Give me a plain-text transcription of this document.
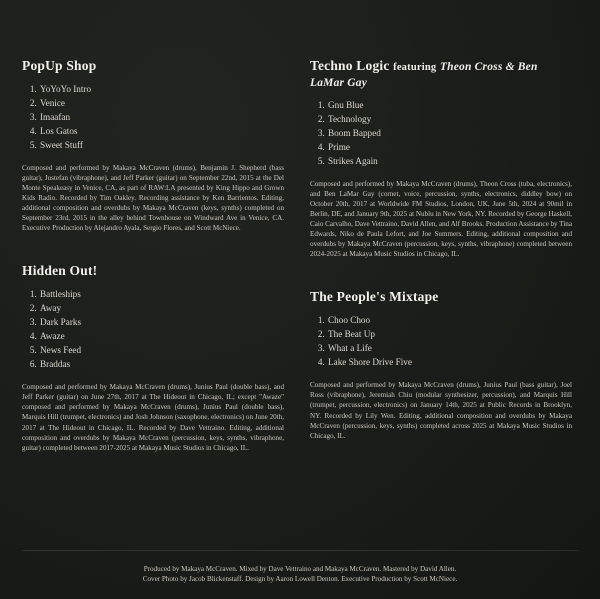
PopUp Shop
1. YoYoYo Intro
2. Venice
3. Imaafan
4. Los Gatos
5. Sweet Stuff

Composed and performed by Makaya McCraven (drums), Benjamin J. Shepherd (bass guitar), Justefan (vibraphone), and Jeff Parker (guitar) on September 22nd, 2015 at the Del Monte Speakeasy in Venice, CA, as part of RAW:LA presented by King Hippo and Grown Kids Radio. Recorded by Tim Oakley. Recording assistance by Ken Barrientos. Editing, additional composition and overdubs by Makaya McCraven (keys, synths) completed on September 23rd, 2015 in the alley behind Townhouse on Windward Ave in Venice, CA. Executive Production by Alejandro Ayala, Sergio Flores, and Scott McNiece.

Hidden Out!
1. Battleships
2. Away
3. Dark Parks
4. Awaze
5. News Feed
6. Braddas

Composed and performed by Makaya McCraven (drums), Junius Paul (double bass), and Jeff Parker (guitar) on June 27th, 2017 at The Hideout in Chicago, IL; except "Awaze" composed and performed by Makaya McCraven (drums), Junius Paul (double bass), Marquis Hill (trumpet, electronics) and Josh Johnson (saxophone, electronics) on June 20th, 2017 at The Hideout in Chicago, IL. Recorded by Dave Vettraino. Editing, additional composition and overdubs by Makaya McCraven (percussion, keys, synths, vibraphone, guitar) completed between 2017-2025 at Makaya Music Studios in Chicago, IL.

Techno Logic featuring Theon Cross & Ben LaMar Gay
1. Gnu Blue
2. Technology
3. Boom Bapped
4. Prime
5. Strikes Again

Composed and performed by Makaya McCraven (drums), Theon Cross (tuba, electronics), and Ben LaMar Gay (cornet, voice, percussion, synths, electronics, diddley bow) on October 20th, 2017 at Worldwide FM Studios, London, UK, June 5th, 2024 at 90mil in Berlin, DE, and January 9th, 2025 at Nublu in New York, NY. Recorded by George Haskell, Caio Carvalho, Dave Vettraino, David Allen, and Alf Brooks. Production Assistance by Tina Edwards, Niko de Paula Lefort, and Joe Summers. Editing, additional composition and overdubs by Makaya McCraven (percussion, keys, synths, vibraphone) completed between 2024-2025 at Makaya Music Studios in Chicago, IL.

The People's Mixtape
1. Choo Choo
2. The Beat Up
3. What a Life
4. Lake Shore Drive Five

Composed and performed by Makaya McCraven (drums), Junius Paul (bass guitar), Joel Ross (vibraphone), Jeremiah Chiu (modular synthesizer, percussion), and Marquis Hill (trumpet, percussion, electronics) on January 14th, 2025 at Public Records in Brooklyn, NY. Recorded by Lily Wen. Editing, additional composition and overdubs by Makaya McCraven (percussion, keys, synths) completed across 2025 at Makaya Music Studios in Chicago, IL.

Produced by Makaya McCraven. Mixed by Dave Vettraino and Makaya McCraven. Mastered by David Allen.
Cover Photo by Jacob Blickenstaff. Design by Aaron Lowell Denton. Executive Production by Scott McNiece.
